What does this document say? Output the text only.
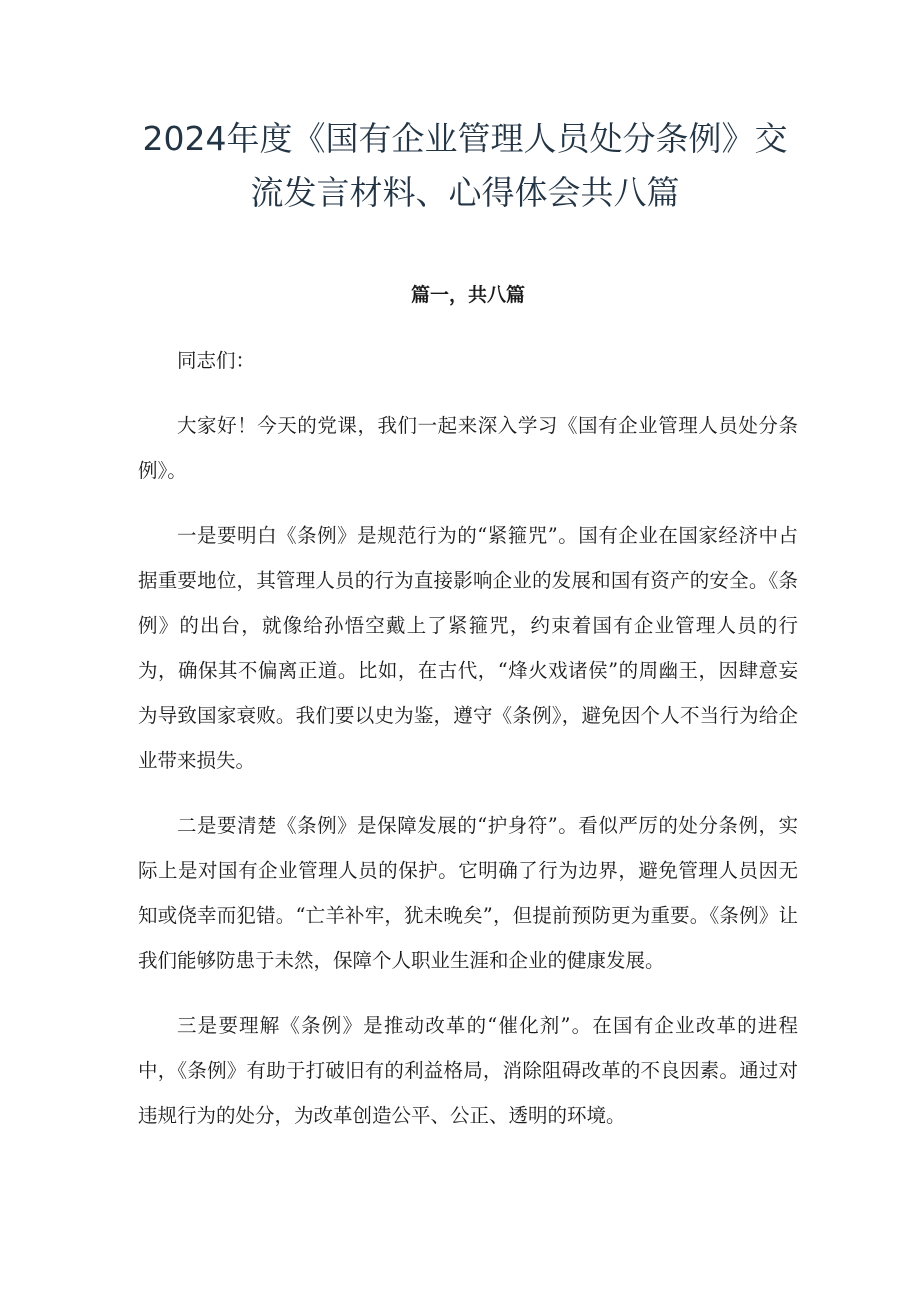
2024年度《国有企业管理人员处分条例》交
流发言材料、心得体会共八篇
篇一，共八篇

同志们：

大家好！今天的党课，我们一起来深入学习《国有企业管理人员处分条例》。

一是要明白《条例》是规范行为的“紧箍咒”。国有企业在国家经济中占据重要地位，其管理人员的行为直接影响企业的发展和国有资产的安全。《条例》的出台，就像给孙悟空戴上了紧箍咒，约束着国有企业管理人员的行为，确保其不偏离正道。比如，在古代，“烽火戏诸侯”的周幽王，因肆意妄为导致国家衰败。我们要以史为鉴，遵守《条例》，避免因个人不当行为给企业带来损失。

二是要清楚《条例》是保障发展的“护身符”。看似严厉的处分条例，实际上是对国有企业管理人员的保护。它明确了行为边界，避免管理人员因无知或侥幸而犯错。“亡羊补牢，犹未晚矣”，但提前预防更为重要。《条例》让我们能够防患于未然，保障个人职业生涯和企业的健康发展。

三是要理解《条例》是推动改革的“催化剂”。在国有企业改革的进程中，《条例》有助于打破旧有的利益格局，消除阻碍改革的不良因素。通过对违规行为的处分，为改革创造公平、公正、透明的环境。
